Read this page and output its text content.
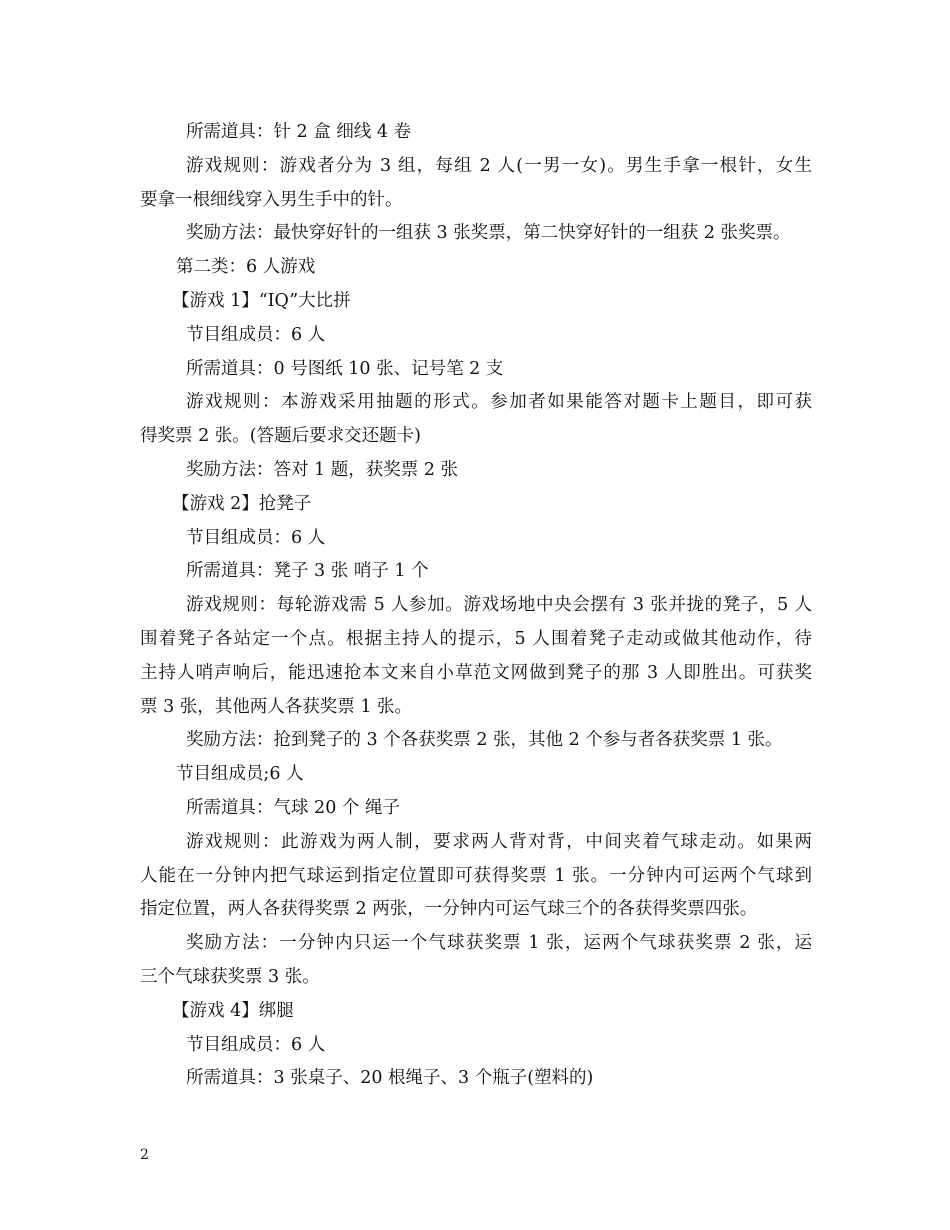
所需道具：针 2 盒 细线 4 卷
游戏规则：游戏者分为 3 组，每组 2 人(一男一女)。男生手拿一根针，女生
要拿一根细线穿入男生手中的针。
奖励方法：最快穿好针的一组获 3 张奖票，第二快穿好针的一组获 2 张奖票。
第二类：6 人游戏
【游戏 1】“IQ”大比拼
节目组成员：6 人
所需道具：0 号图纸 10 张、记号笔 2 支
游戏规则：本游戏采用抽题的形式。参加者如果能答对题卡上题目，即可获
得奖票 2 张。(答题后要求交还题卡)
奖励方法：答对 1 题，获奖票 2 张
【游戏 2】抢凳子
节目组成员：6 人
所需道具：凳子 3 张 哨子 1 个
游戏规则：每轮游戏需 5 人参加。游戏场地中央会摆有 3 张并拢的凳子，5 人
围着凳子各站定一个点。根据主持人的提示，5 人围着凳子走动或做其他动作，待
主持人哨声响后，能迅速抢本文来自小草范文网做到凳子的那 3 人即胜出。可获奖
票 3 张，其他两人各获奖票 1 张。
奖励方法：抢到凳子的 3 个各获奖票 2 张，其他 2 个参与者各获奖票 1 张。
节目组成员;6 人
所需道具：气球 20 个 绳子
游戏规则：此游戏为两人制，要求两人背对背，中间夹着气球走动。如果两
人能在一分钟内把气球运到指定位置即可获得奖票 1 张。一分钟内可运两个气球到
指定位置，两人各获得奖票 2 两张，一分钟内可运气球三个的各获得奖票四张。
奖励方法：一分钟内只运一个气球获奖票 1 张，运两个气球获奖票 2 张，运
三个气球获奖票 3 张。
【游戏 4】绑腿
节目组成员：6 人
所需道具：3 张桌子、20 根绳子、3 个瓶子(塑料的)
2
